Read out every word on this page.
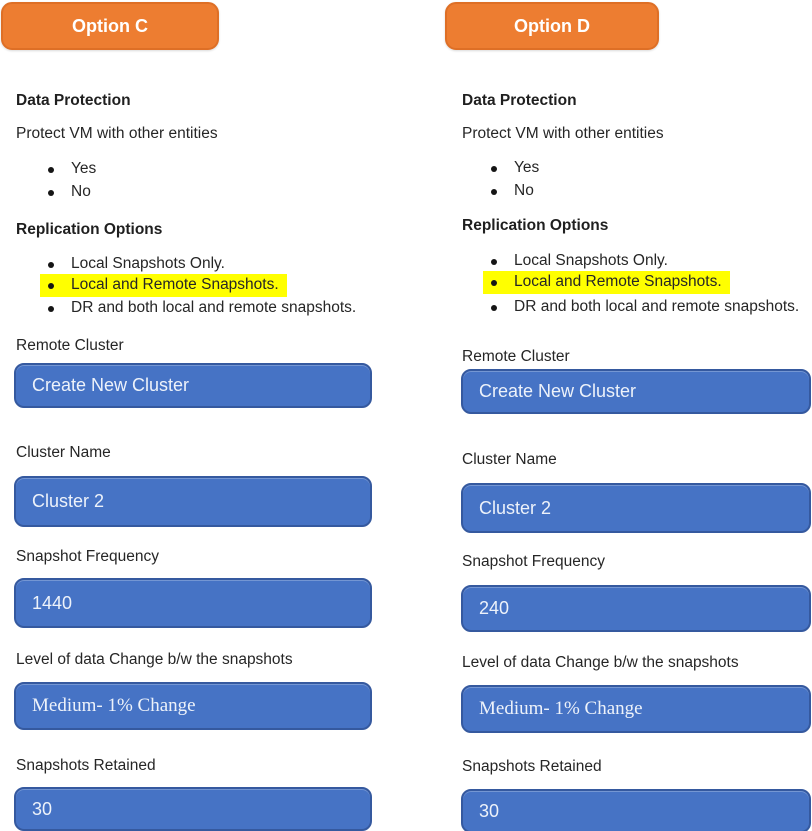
Option C
Data Protection
Protect VM with other entities
Yes
No
Replication Options
Local Snapshots Only.
Local and Remote Snapshots.
DR and both local and remote snapshots.
Remote Cluster
Create New Cluster
Cluster Name
Cluster 2
Snapshot Frequency
1440
Level of data Change b/w the snapshots
Medium- 1% Change
Snapshots Retained
30
Option D
Data Protection
Protect VM with other entities
Yes
No
Replication Options
Local Snapshots Only.
Local and Remote Snapshots.
DR and both local and remote snapshots.
Remote Cluster
Create New Cluster
Cluster Name
Cluster 2
Snapshot Frequency
240
Level of data Change b/w the snapshots
Medium- 1% Change
Snapshots Retained
30
